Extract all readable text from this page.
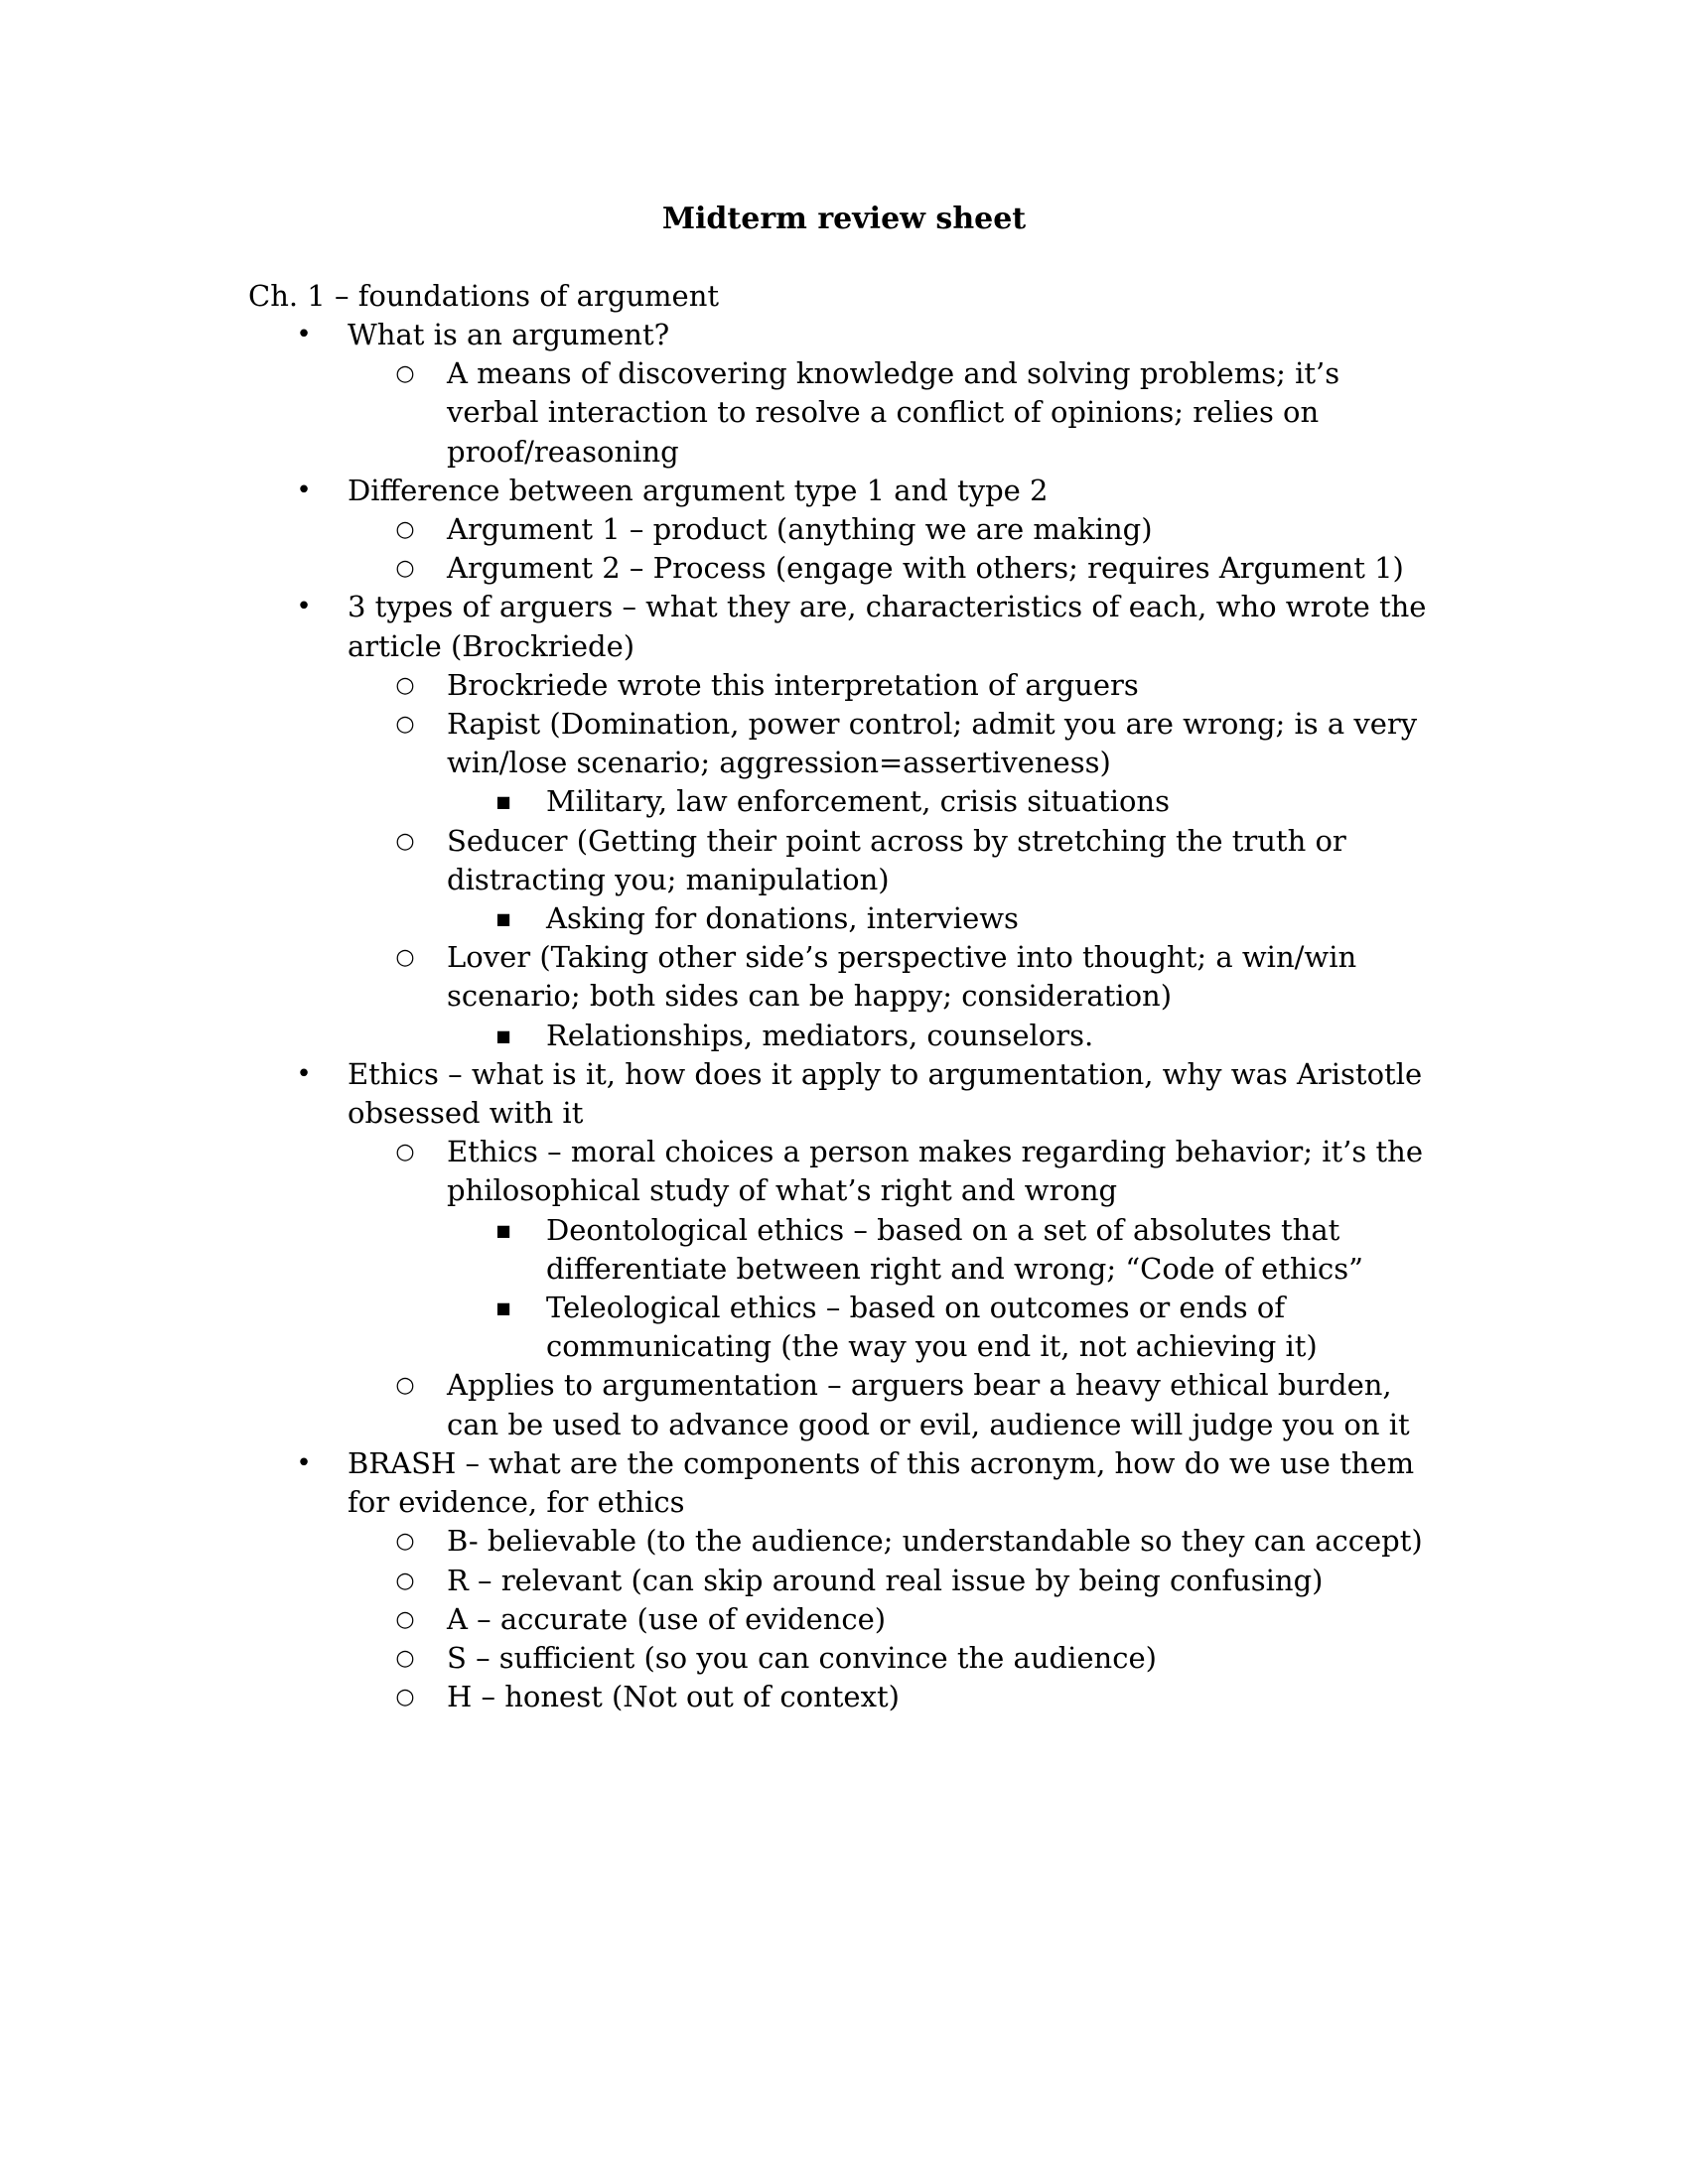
Midterm review sheet
Ch. 1 – foundations of argument
• What is an argument?
○ A means of discovering knowledge and solving problems; it’s verbal interaction to resolve a conflict of opinions; relies on proof/reasoning
• Difference between argument type 1 and type 2
○ Argument 1 – product (anything we are making)
○ Argument 2 – Process (engage with others; requires Argument 1)
• 3 types of arguers – what they are, characteristics of each, who wrote the article (Brockriede)
○ Brockriede wrote this interpretation of arguers
○ Rapist (Domination, power control; admit you are wrong; is a very win/lose scenario; aggression=assertiveness)
■ Military, law enforcement, crisis situations
○ Seducer (Getting their point across by stretching the truth or distracting you; manipulation)
■ Asking for donations, interviews
○ Lover (Taking other side’s perspective into thought; a win/win scenario; both sides can be happy; consideration)
■ Relationships, mediators, counselors.
• Ethics – what is it, how does it apply to argumentation, why was Aristotle obsessed with it
○ Ethics – moral choices a person makes regarding behavior; it’s the philosophical study of what’s right and wrong
■ Deontological ethics – based on a set of absolutes that differentiate between right and wrong; “Code of ethics”
■ Teleological ethics – based on outcomes or ends of communicating (the way you end it, not achieving it)
○ Applies to argumentation – arguers bear a heavy ethical burden, can be used to advance good or evil, audience will judge you on it
• BRASH – what are the components of this acronym, how do we use them for evidence, for ethics
○ B- believable (to the audience; understandable so they can accept)
○ R – relevant (can skip around real issue by being confusing)
○ A – accurate (use of evidence)
○ S – sufficient (so you can convince the audience)
○ H – honest (Not out of context)
